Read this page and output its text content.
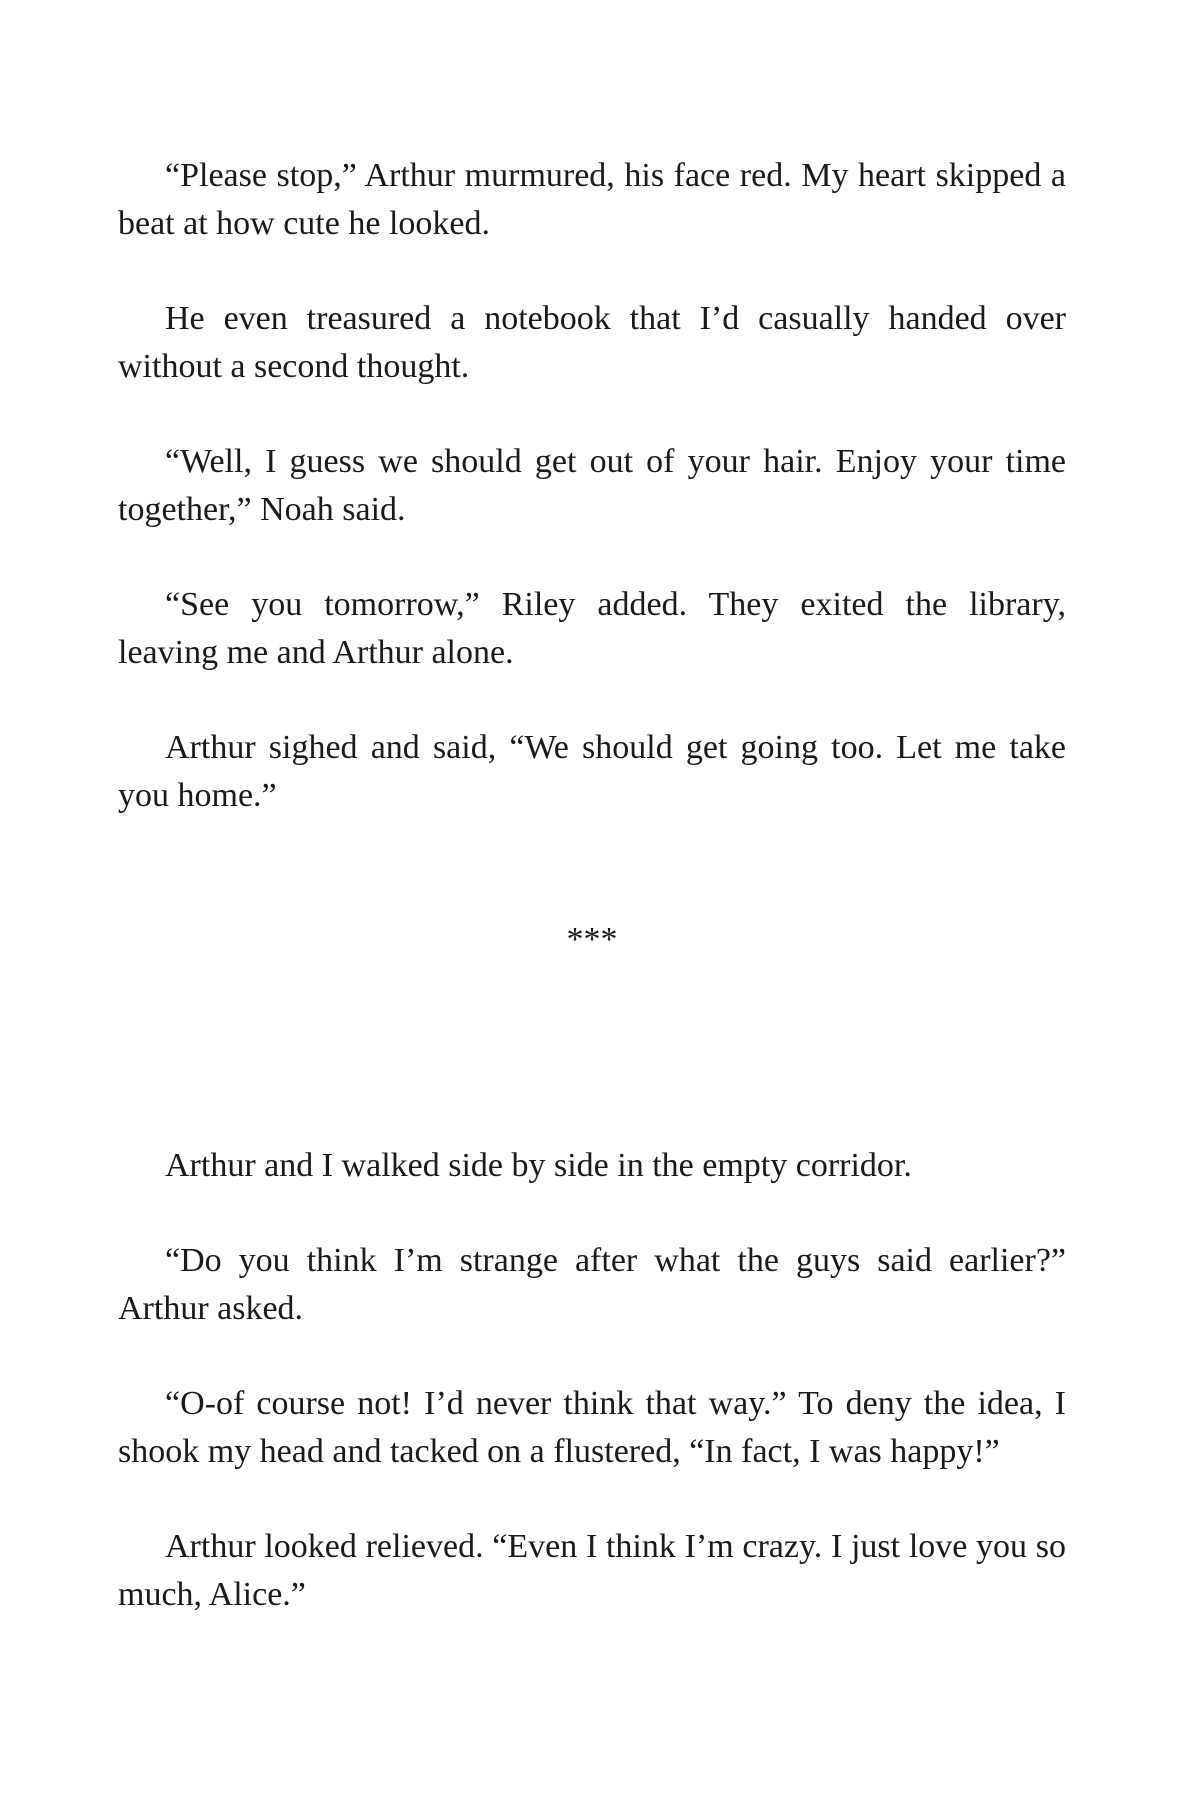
“Please stop,” Arthur murmured, his face red. My heart skipped a beat at how cute he looked.

He even treasured a notebook that I’d casually handed over without a second thought.

“Well, I guess we should get out of your hair. Enjoy your time together,” Noah said.

“See you tomorrow,” Riley added. They exited the library, leaving me and Arthur alone.

Arthur sighed and said, “We should get going too. Let me take you home.”

***

Arthur and I walked side by side in the empty corridor.

“Do you think I’m strange after what the guys said earlier?” Arthur asked.

“O-of course not! I’d never think that way.” To deny the idea, I shook my head and tacked on a flustered, “In fact, I was happy!”

Arthur looked relieved. “Even I think I’m crazy. I just love you so much, Alice.”
